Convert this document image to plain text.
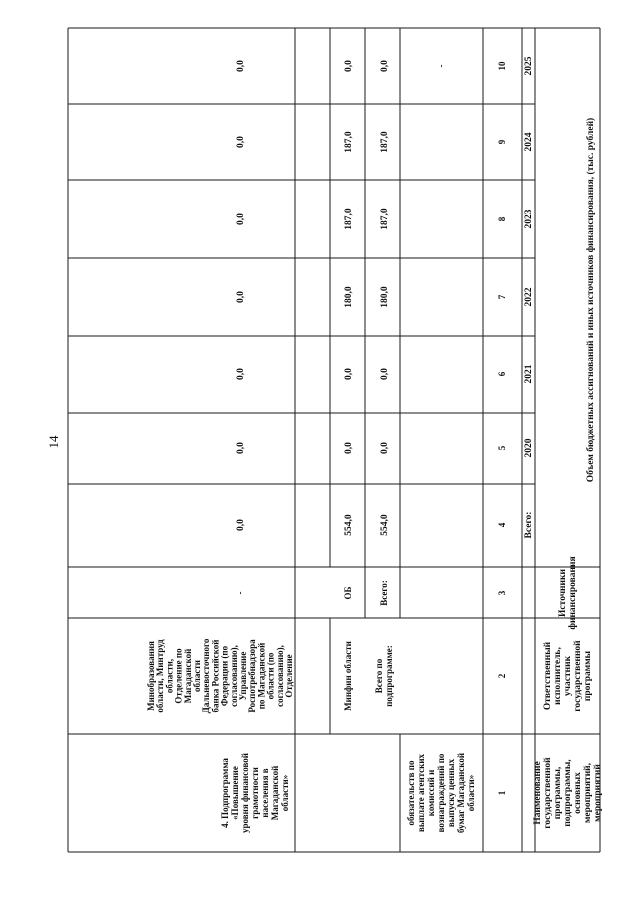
14
Наименование государственной программы, подпрограммы, основных мероприятий, мероприятий
Ответственный исполнитель, участник государственной программы
Источники финансирования
Объем бюджетных ассигнований и иных источников финансирования, (тыс. рублей)
Всего:
2020
2021
2022
2023
2024
2025
1
2
3
4
5
6
7
8
9
10
обязательств по выплате агентских комиссий и вознаграждений по выпуску ценных бумаг Магаданской области»
-
Всего по подпрограмме:
Всего:
554,0
0,0
0,0
180,0
187,0
187,0
0,0
Минфин области
ОБ
554,0
0,0
0,0
180,0
187,0
187,0
0,0
4. Подпрограмма «Повышение уровня финансовой грамотности населения в Магаданской области»
Минобразования области, Минтруд области, Отделение по Магаданской области Дальневосточного банка Российской Федерации (по согласованию), Управление Роспотребнадзора по Магаданской области (по согласованию), Отделение
-
0,0
0,0
0,0
0,0
0,0
0,0
0,0
